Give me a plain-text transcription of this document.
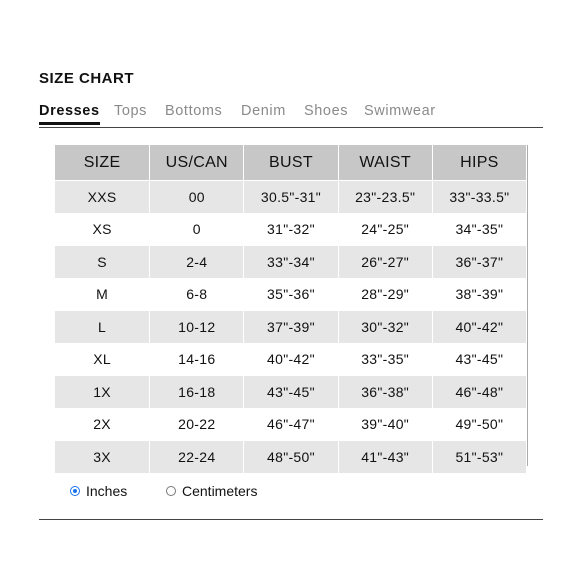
SIZE CHART
Dresses Tops Bottoms Denim Shoes Swimwear
SIZE	US/CAN	BUST	WAIST	HIPS
XXS	00	30.5"-31"	23"-23.5"	33"-33.5"
XS	0	31"-32"	24"-25"	34"-35"
S	2-4	33"-34"	26"-27"	36"-37"
M	6-8	35"-36"	28"-29"	38"-39"
L	10-12	37"-39"	30"-32"	40"-42"
XL	14-16	40"-42"	33"-35"	43"-45"
1X	16-18	43"-45"	36"-38"	46"-48"
2X	20-22	46"-47"	39"-40"	49"-50"
3X	22-24	48"-50"	41"-43"	51"-53"
Inches	Centimeters
